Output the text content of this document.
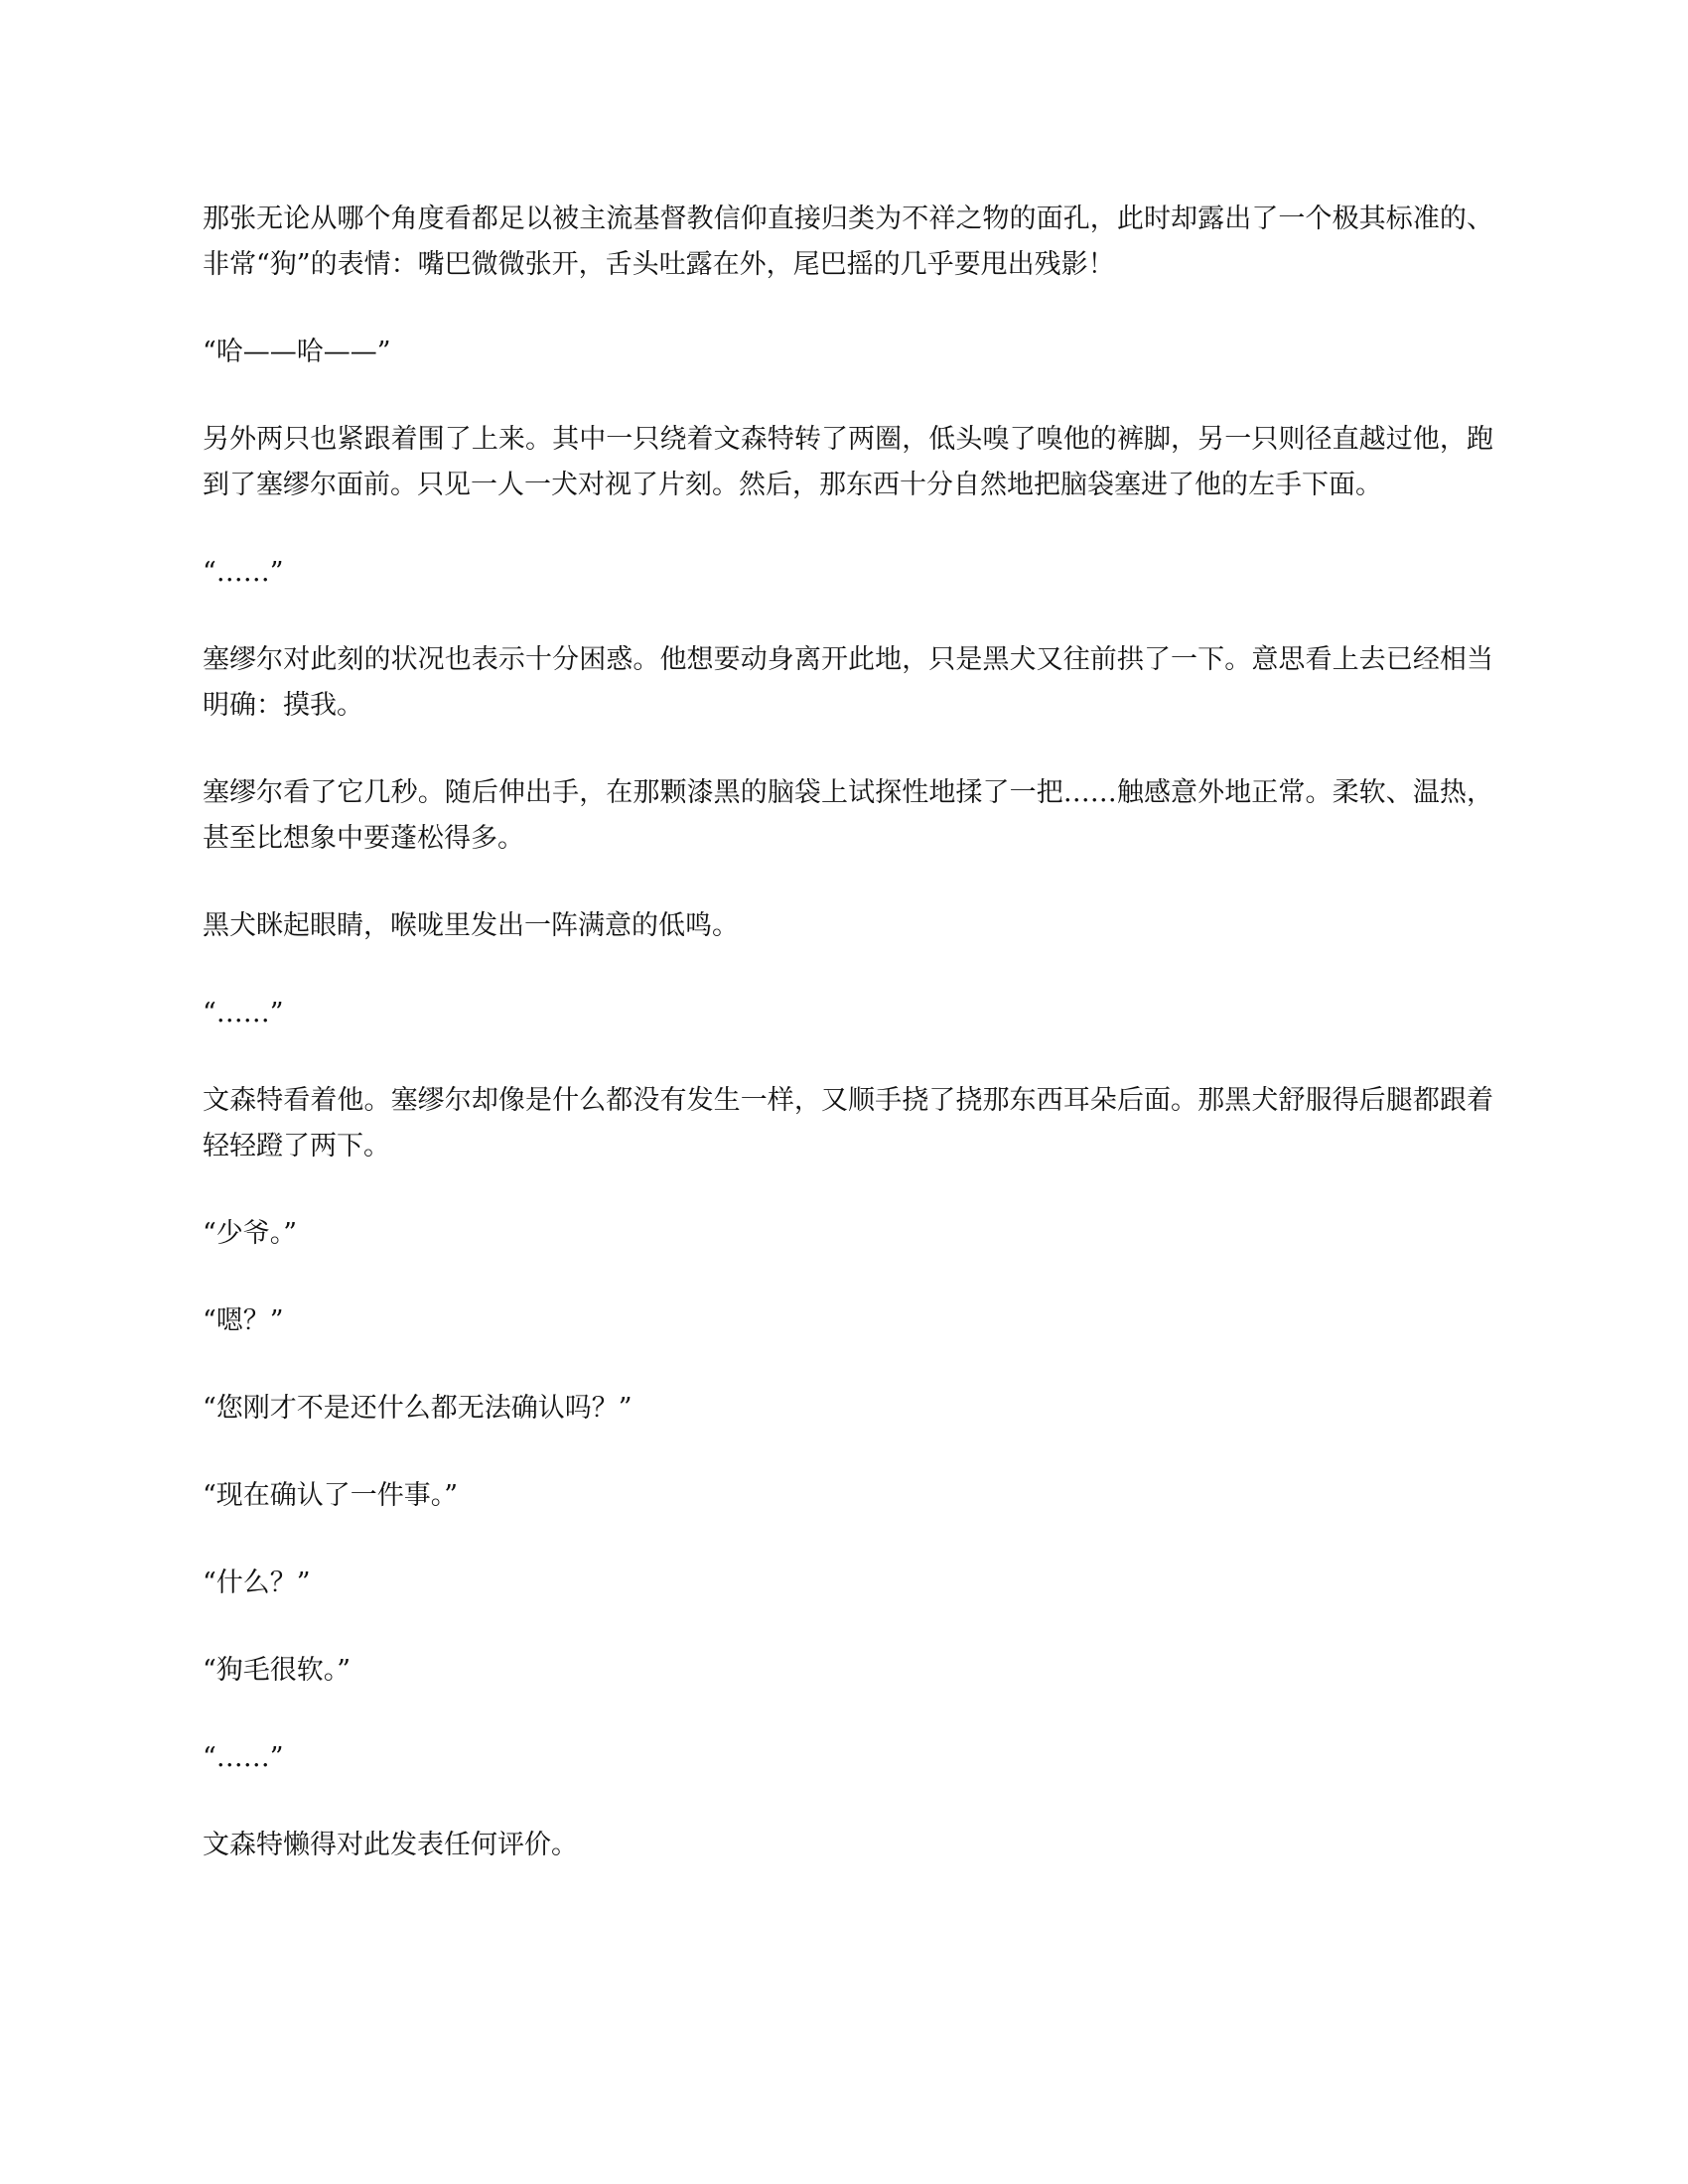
那张无论从哪个角度看都足以被主流基督教信仰直接归类为不祥之物的面孔，此时却露出了一个极其标准的、非常“狗”的表情：嘴巴微微张开，舌头吐露在外，尾巴摇的几乎要甩出残影！

“哈——哈——”

另外两只也紧跟着围了上来。其中一只绕着文森特转了两圈，低头嗅了嗅他的裤脚，另一只则径直越过他，跑到了塞缪尔面前。只见一人一犬对视了片刻。然后，那东西十分自然地把脑袋塞进了他的左手下面。

“……”

塞缪尔对此刻的状况也表示十分困惑。他想要动身离开此地，只是黑犬又往前拱了一下。意思看上去已经相当明确：摸我。

塞缪尔看了它几秒。随后伸出手，在那颗漆黑的脑袋上试探性地揉了一把……触感意外地正常。柔软、温热，甚至比想象中要蓬松得多。

黑犬眯起眼睛，喉咙里发出一阵满意的低鸣。

“……”

文森特看着他。塞缪尔却像是什么都没有发生一样，又顺手挠了挠那东西耳朵后面。那黑犬舒服得后腿都跟着轻轻蹬了两下。

“少爷。”

“嗯？”

“您刚才不是还什么都无法确认吗？”

“现在确认了一件事。”

“什么？”

“狗毛很软。”

“……”

文森特懒得对此发表任何评价。
